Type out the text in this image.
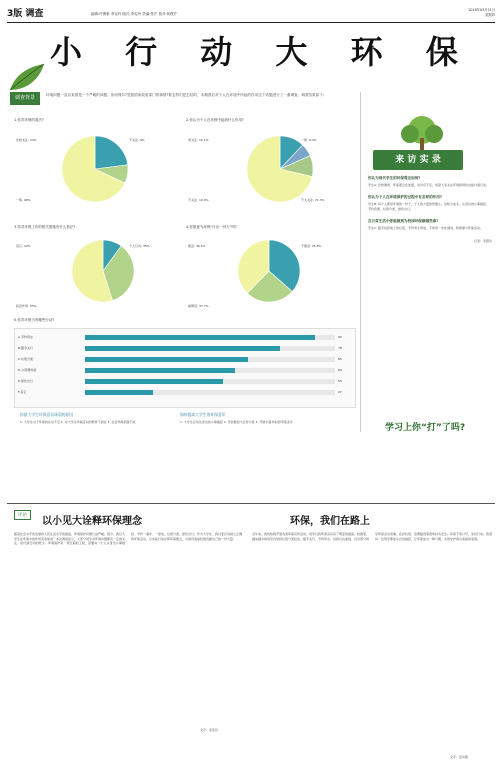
3版 调查	编辑:许博豪 李宪玲 版式:李宪玲 责编:张芹 校对:何俊芹
2016年03月31日
星期四
小 行 动 大 环 保
调查背景	环境问题一直以来都是一个严峻的问题。但何保尔?是我国家政府部门的事情?要怎样们是总结的，本期我们对个人在环境中所起的作用这个话题进行了一番调查，调查结果如下:
1.你对环保的看法?	2.你认为个人在环保中起到什么作用?
比较关注: 23%	不关注: 9%
一般: 68%
很关注: 12.1%	一般: 6.3%
不关注: 10.3%	不太关注: 71.3%
3.你对环保工作的相关措施有什么看法?	4.你愿意为环保“付出一份力”吗?
其它: 10%	个人行为: 35%
政府作用: 55%
愿意: 36.5%	不愿意: 25.8%
看情况: 37.7%
5.你对环保当有哪些行动?
A.节约用水	92
B.随手关灯	78
C.垃圾分类	65
D.少用塑料袋	60
E.绿色出行	55
F.其它	27
来 访 实 录
你认为现代学生的环保观念如何?
学生A: 比较薄弱，环保观念在加强，但仍有不足，希望大家关注环境的同时也能付诸行动。
你认为个人在环境保护的过程中有怎样的作用?
学生B: 每个人都是环境的一份子，个人的力量虽然微小，但积少成多，从身边的小事做起，节约资源，垃圾分类，绿色出行。
在日常生活中你能做到为校园环保做哪些事?
学生C: 随手捡起地上的垃圾，节约用水用电，不使用一次性餐具，积极参与环保活动。
记者：李霞玲
学习上你“打”了吗?
你最大学生环保意识薄弱的原因	如何提高大学生的环保意识
1. 大学生对于环保的认识不足 2. 对大学生环保意识的教育不到位 3. 社会环保氛围不浓	1. 大学生应该从身边的小事做起 2. 学校要加大宣传力度 3. 开展丰富多彩的环保活动
评论
以小见大诠释环保理念
随着社会水平的发展和人民生活水平的提高，环境保护问题日益严峻。现今，我们大学生在环保中的作用究竟如何？本次调查显示，大部分同学对环境问题都有一定的关注，但付诸行动的较少。环境保护是一项长期的工程，需要每一个人从身边小事做起，节约一滴水、一度电，垃圾分类，绿色出行。作为大学生，我们更应该树立正确的环保意识，以实际行动诠释环保理念，为建设美丽校园贡献自己的一份力量。
文字：李宪玲
环保，我们在路上
近年来，我校积极开展各类环保宣传活动，同学们的环保意识有了明显的提高。校园里，越来越多的同学自觉将垃圾分类投放，随手关灯，节约用水。但我们也看到，仍有部分同学环保意识淡薄，乱扔垃圾、浪费粮食等现象时有发生。环保不是口号，而是行动。希望每一位同学都能从自身做起，让环保成为一种习惯，共同守护我们美丽的家园。
文字：张凤翔
